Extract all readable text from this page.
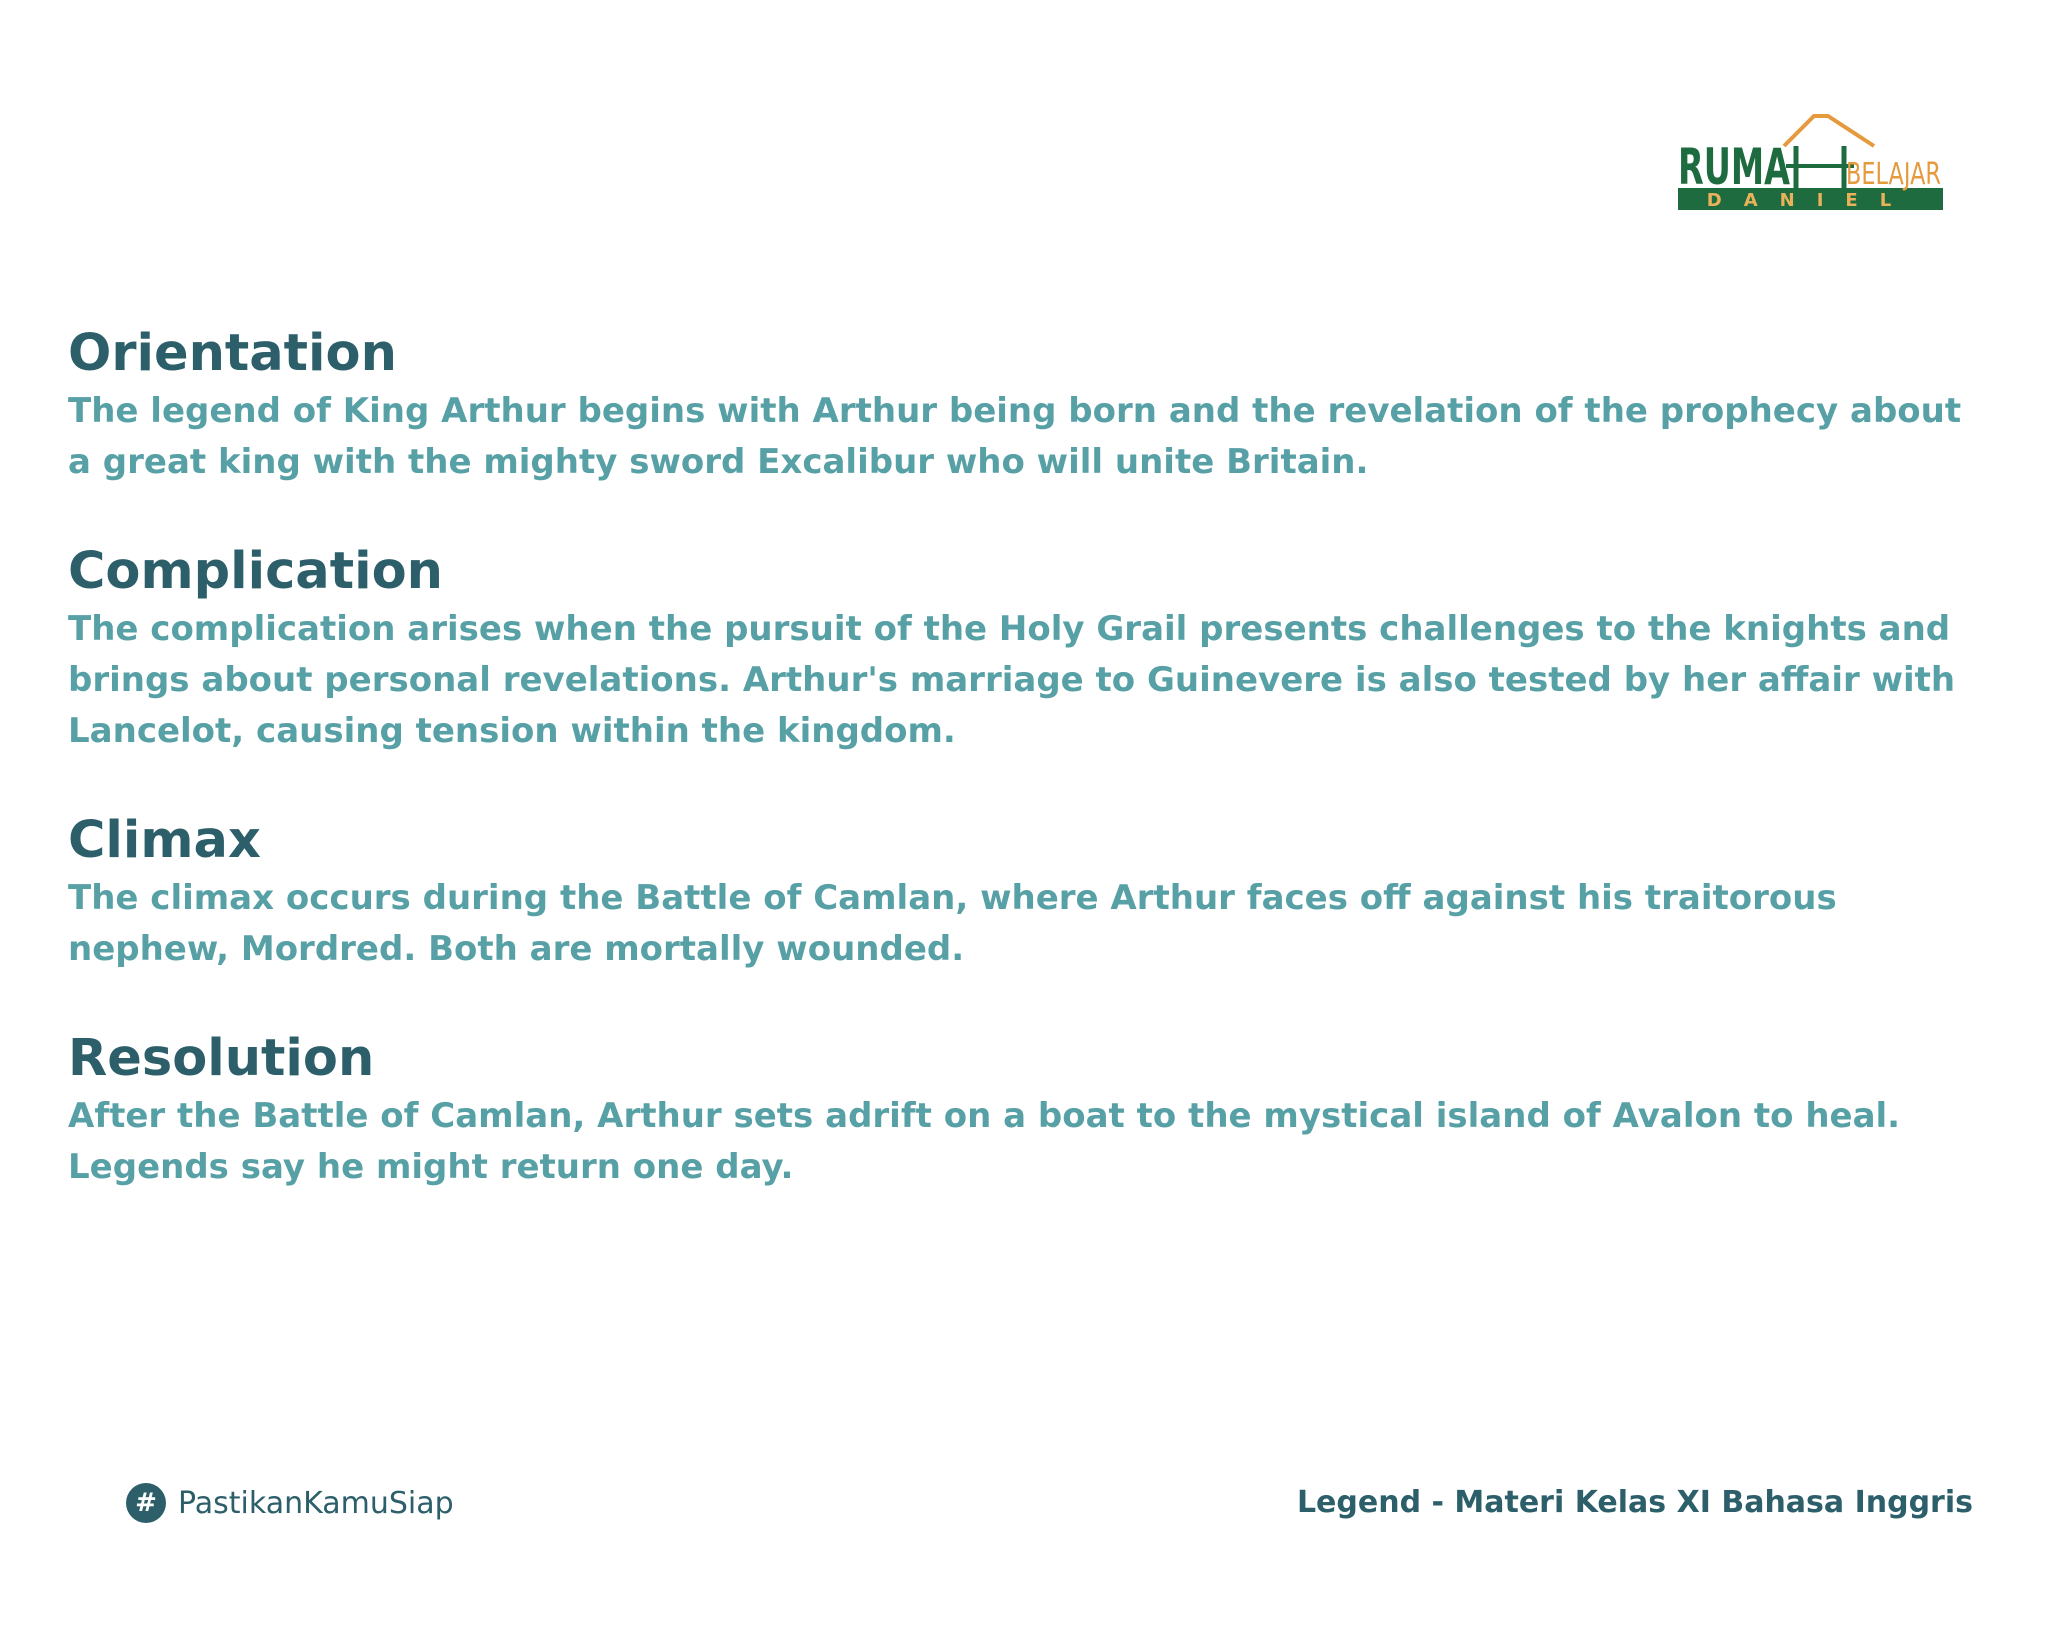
DANIEL
RUMA BELAJAR
Orientation

The legend of King Arthur begins with Arthur being born and the revelation of the prophecy about a great king with the mighty sword Excalibur who will unite Britain.

Complication

The complication arises when the pursuit of the Holy Grail presents challenges to the knights and brings about personal revelations. Arthur's marriage to Guinevere is also tested by her affair with Lancelot, causing tension within the kingdom.

Climax

The climax occurs during the Battle of Camlan, where Arthur faces off against his traitorous nephew, Mordred. Both are mortally wounded.

Resolution

After the Battle of Camlan, Arthur sets adrift on a boat to the mystical island of Avalon to heal. Legends say he might return one day.

# PastikanKamuSiap	Legend - Materi Kelas XI Bahasa Inggris
